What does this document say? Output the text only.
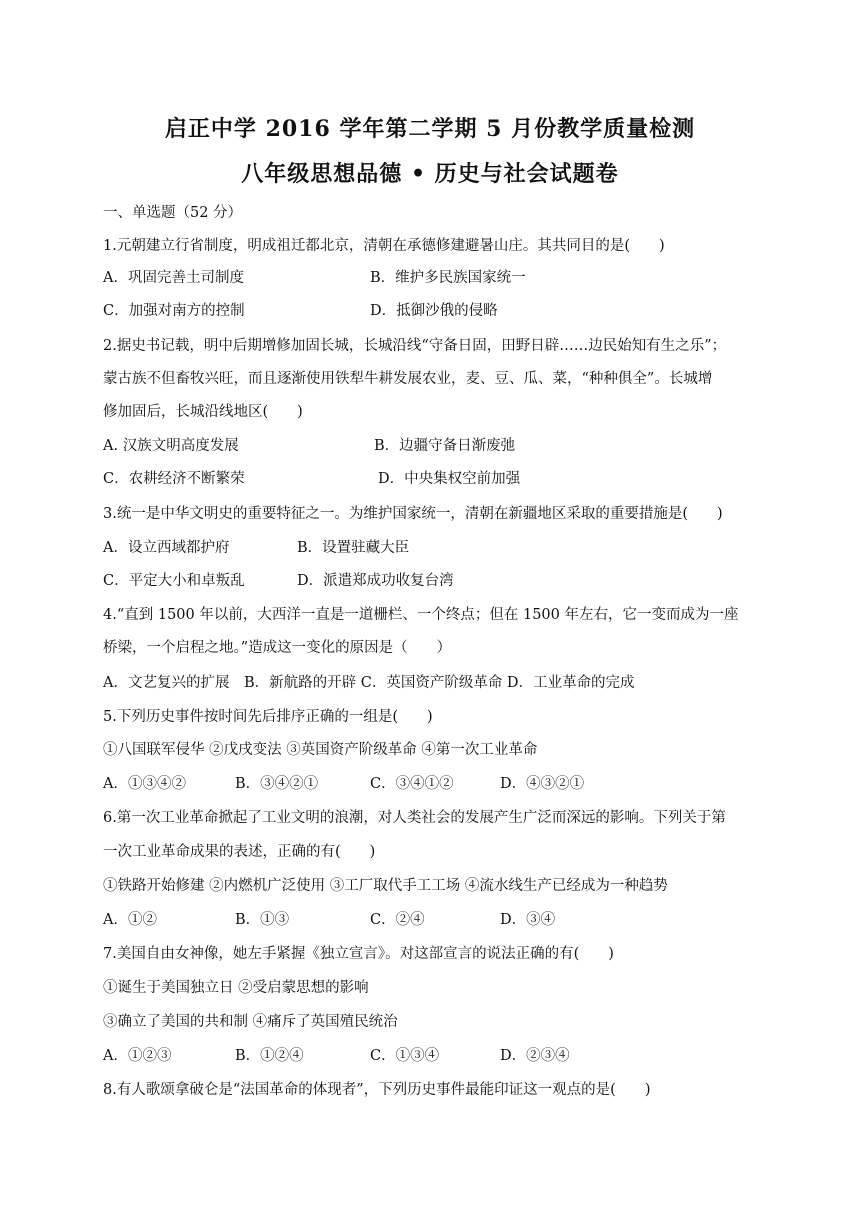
启正中学 2016 学年第二学期 5 月份教学质量检测
八年级思想品德 • 历史与社会试题卷
一、单选题（52 分）
1.元朝建立行省制度，明成祖迁都北京，清朝在承德修建避暑山庄。其共同目的是(　　)
A．巩固完善土司制度	B．维护多民族国家统一
C．加强对南方的控制	D．抵御沙俄的侵略
2.据史书记载，明中后期增修加固长城，长城沿线“守备日固，田野日辟……边民始知有生之乐”；
蒙古族不但畜牧兴旺，而且逐渐使用铁犁牛耕发展农业，麦、豆、瓜、菜，“种种俱全”。长城增
修加固后，长城沿线地区(　　)
A. 汉族文明高度发展	B．边疆守备日渐废弛
C．农耕经济不断繁荣	D．中央集权空前加强
3.统一是中华文明史的重要特征之一。为维护国家统一，清朝在新疆地区采取的重要措施是(　　)
A．设立西域都护府	B．设置驻藏大臣
C．平定大小和卓叛乱	D．派遣郑成功收复台湾
4.“直到 1500 年以前，大西洋一直是一道栅栏、一个终点；但在 1500 年左右，它一变而成为一座
桥梁，一个启程之地。”造成这一变化的原因是（　　）
A．文艺复兴的扩展　B．新航路的开辟 C．英国资产阶级革命 D．工业革命的完成
5.下列历史事件按时间先后排序正确的一组是(　　)
①八国联军侵华 ②戊戌变法 ③英国资产阶级革命 ④第一次工业革命
A．①③④②	B．③④②①	C．③④①②	D．④③②①
6.第一次工业革命掀起了工业文明的浪潮，对人类社会的发展产生广泛而深远的影响。下列关于第
一次工业革命成果的表述，正确的有(　　)
①铁路开始修建 ②内燃机广泛使用 ③工厂取代手工工场 ④流水线生产已经成为一种趋势
A．①②	B．①③	C．②④	D．③④
7.美国自由女神像，她左手紧握《独立宣言》。对这部宣言的说法正确的有(　　)
①诞生于美国独立日 ②受启蒙思想的影响
③确立了美国的共和制 ④痛斥了英国殖民统治
A．①②③	B．①②④	C．①③④	D．②③④
8.有人歌颂拿破仑是“法国革命的体现者”，下列历史事件最能印证这一观点的是(　　)
